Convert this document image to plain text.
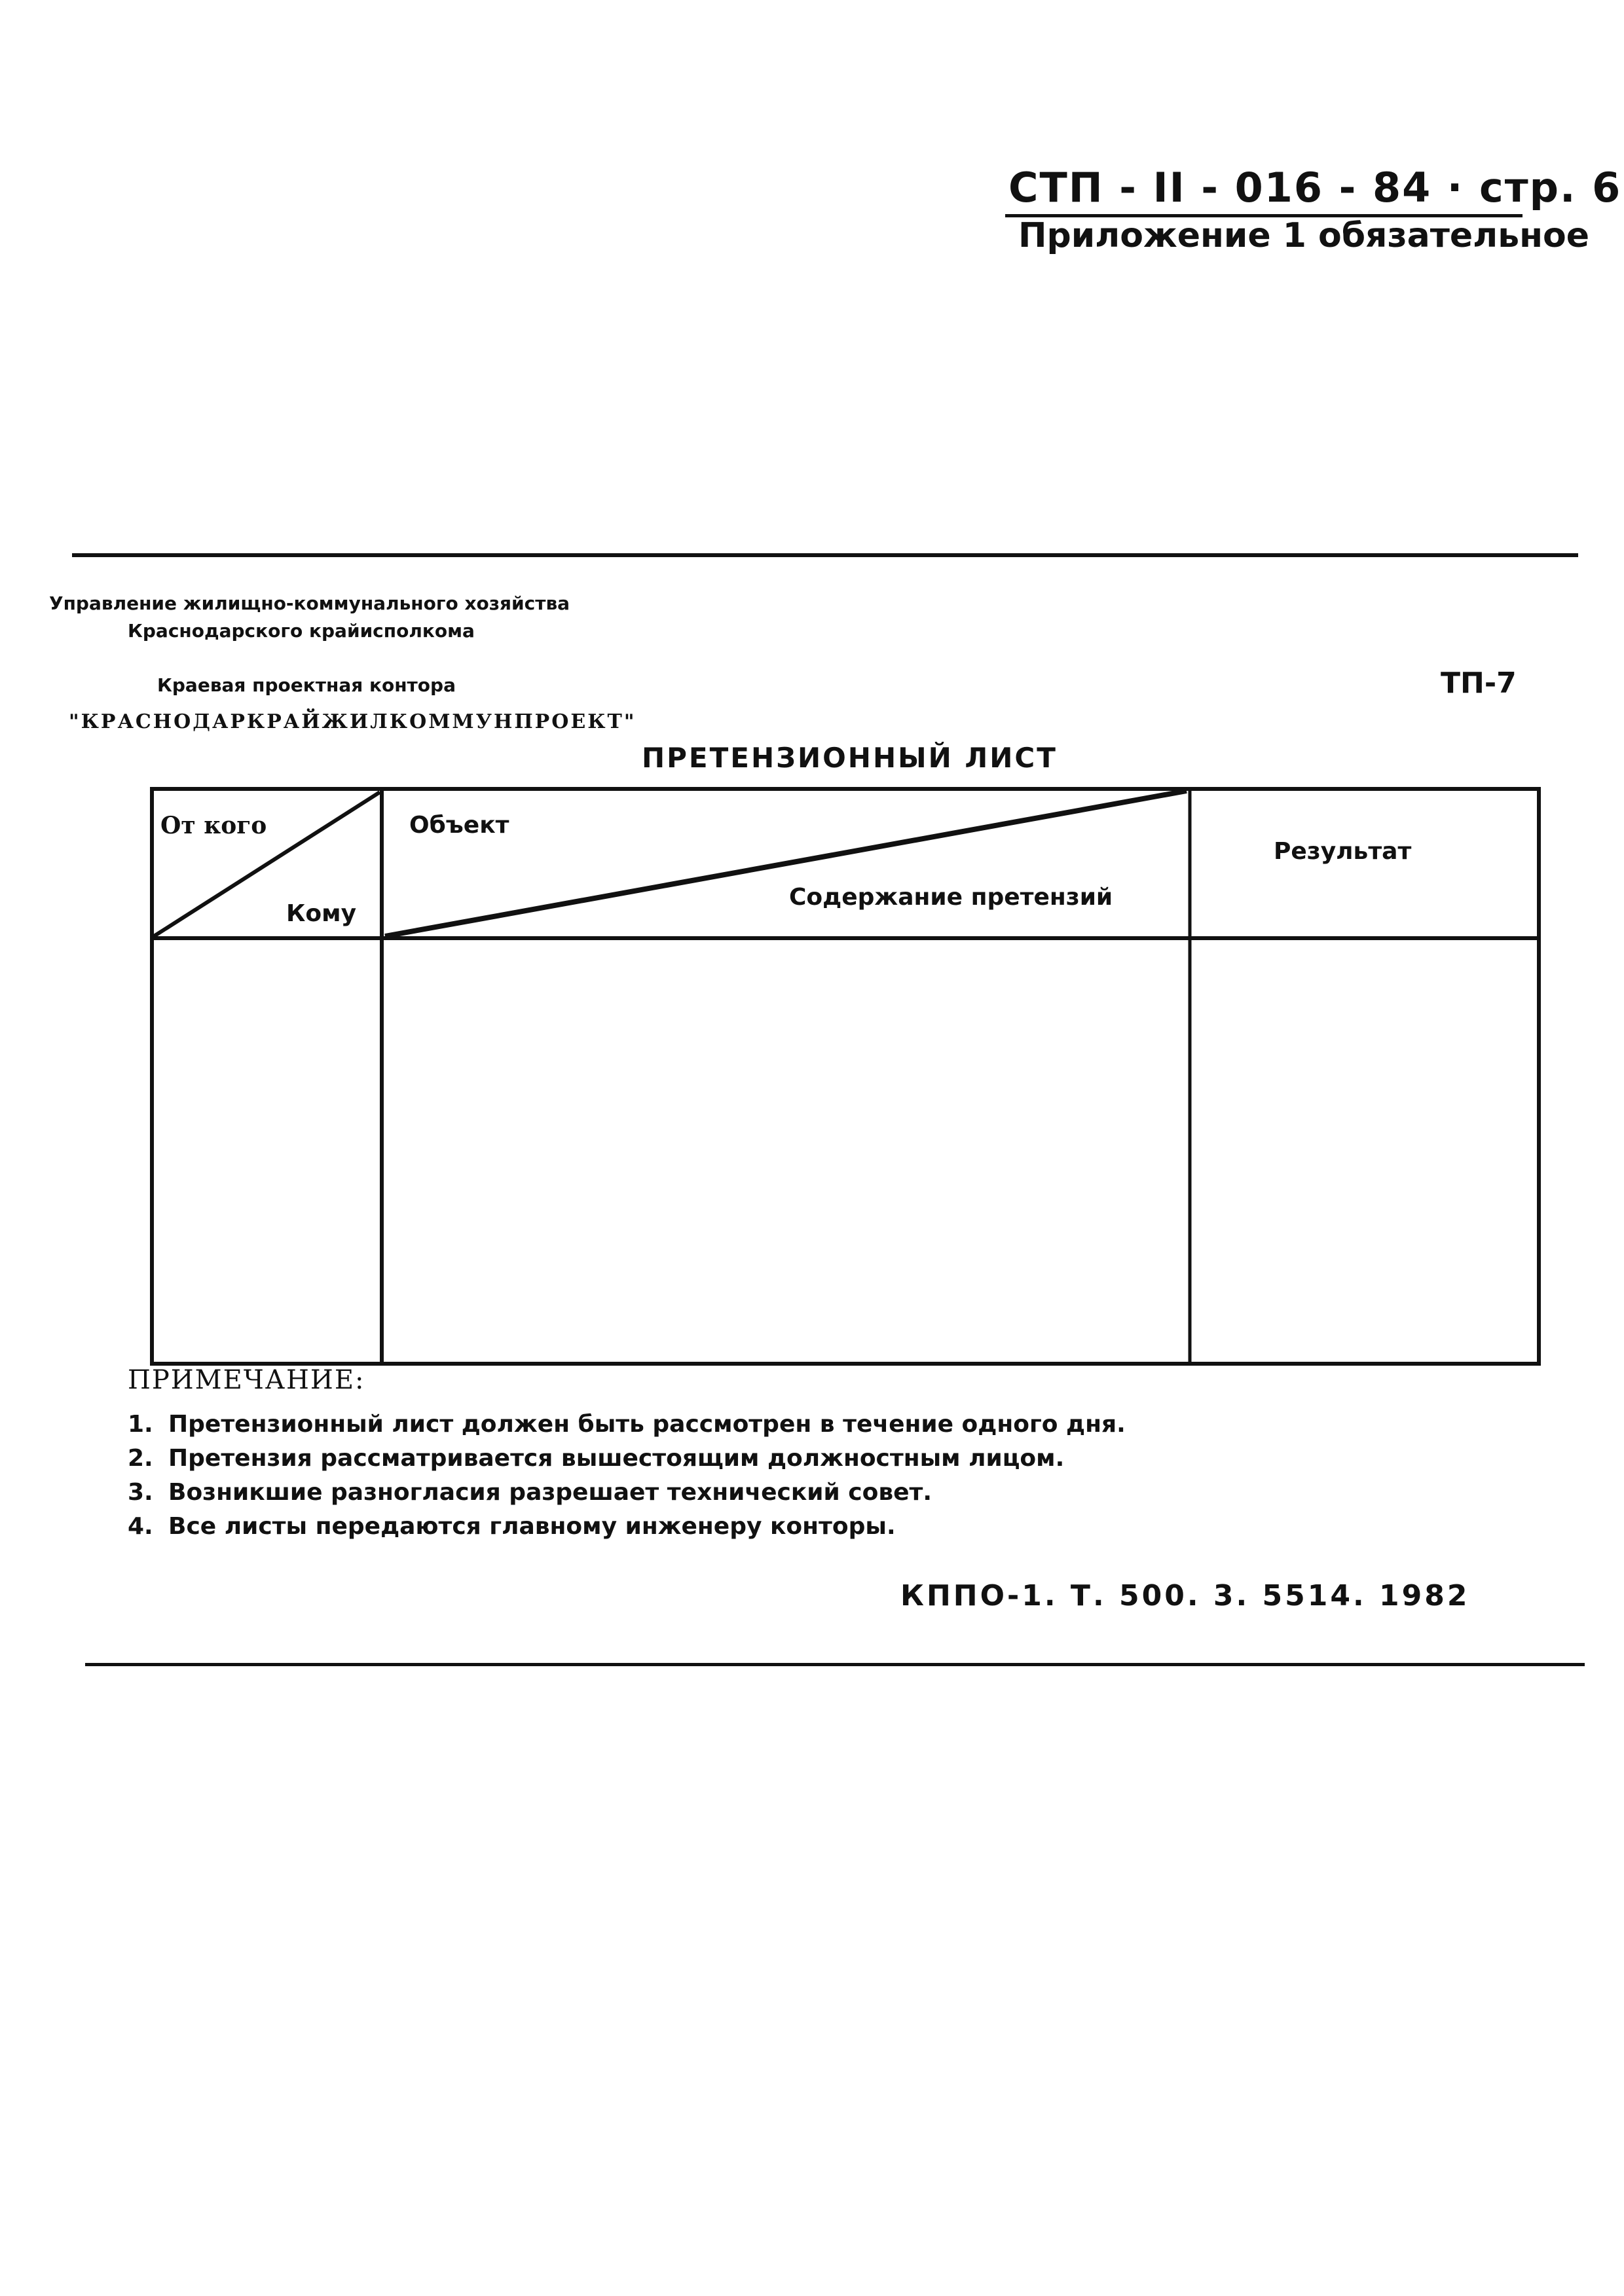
СТП - II - 016 - 84 · стр. 6
Приложение 1 обязательное
Управление жилищно-коммунального хозяйства
Краснодарского крайисполкома
Краевая проектная контора
"КРАСНОДАРКРАЙЖИЛКОММУНПРОЕКТ"
ТП-7
ПРЕТЕНЗИОННЫЙ ЛИСТ
От кого
Кому
Объект
Содержание претензий
Результат
ПРИМЕЧАНИЕ:
1. Претензионный лист должен быть рассмотрен в течение одного дня.
2. Претензия рассматривается вышестоящим должностным лицом.
3. Возникшие разногласия разрешает технический совет.
4. Все листы передаются главному инженеру конторы.
КППО-1. Т. 500. 3. 5514. 1982
